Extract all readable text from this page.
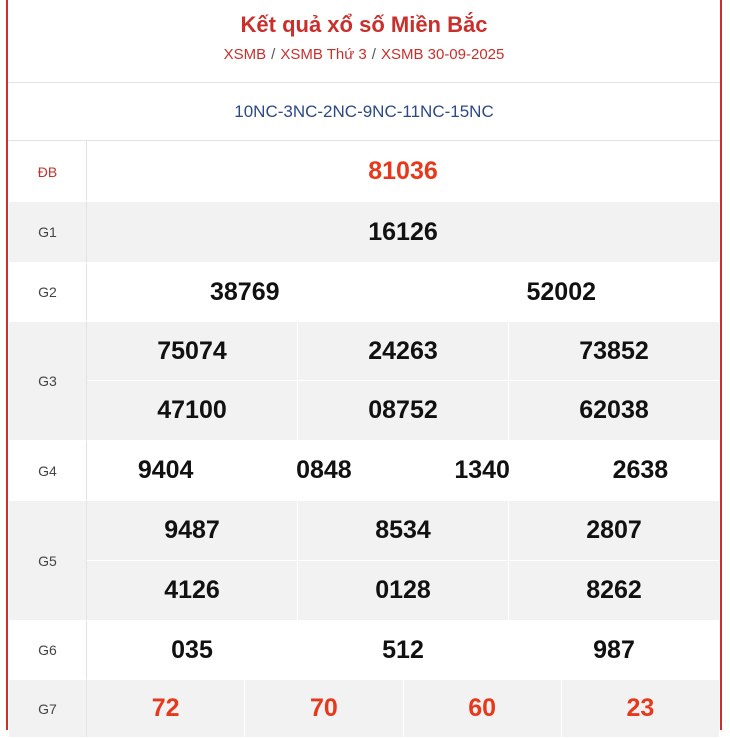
Kết quả xổ số Miền Bắc
XSMB / XSMB Thứ 3 / XSMB 30-09-2025
10NC-3NC-2NC-9NC-11NC-15NC
ĐB	81036					
G1	16126					
G2	38769			52002		
G3	75074		24263		73852	
	47100		08752		62038	
G4	9404	0848		1340		2638
G5	9487		8534		2807	
	4126		0128		8262	
G6	035		512		987	
G7	72	70		60		23
